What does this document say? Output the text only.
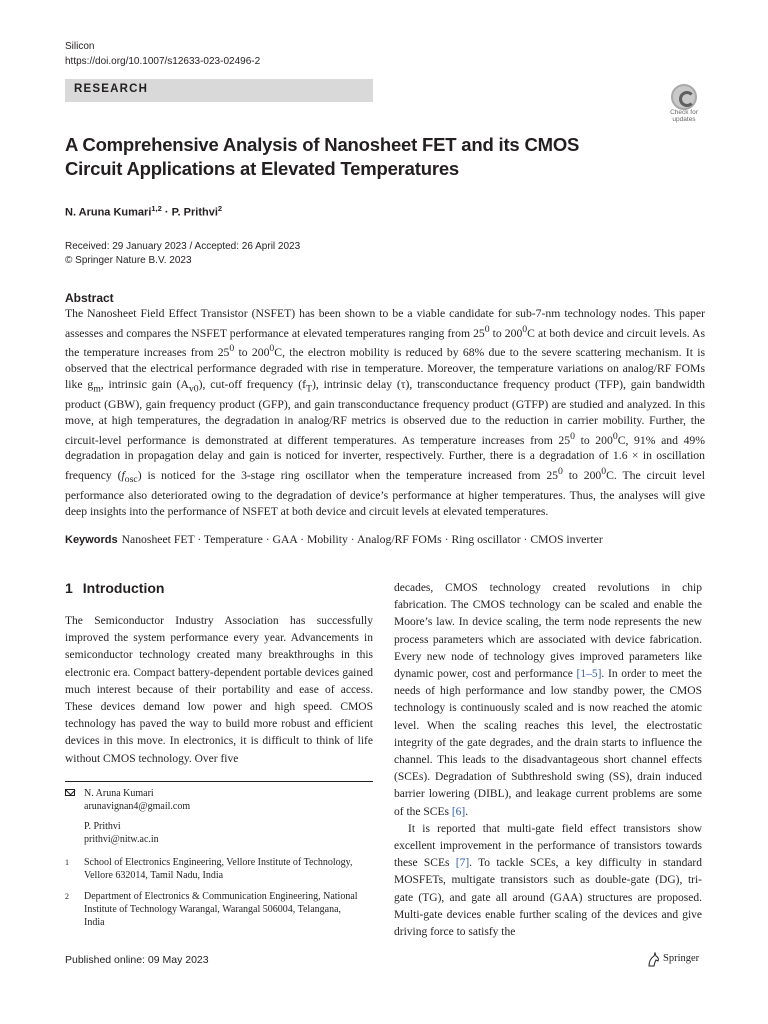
Silicon
https://doi.org/10.1007/s12633-023-02496-2
RESEARCH
Check for updates
A Comprehensive Analysis of Nanosheet FET and its CMOS Circuit Applications at Elevated Temperatures
N. Aruna Kumari$^{1,2}$ · P. Prithvi$^2$
Received: 29 January 2023 / Accepted: 26 April 2023
© Springer Nature B.V. 2023
Abstract

The Nanosheet Field Effect Transistor (NSFET) has been shown to be a viable candidate for sub-7-nm technology nodes. This paper assesses and compares the NSFET performance at elevated temperatures ranging from $25^0$ to $200^0C$ at both device and circuit levels. As the temperature increases from $25^0$ to $200^0C$, the electron mobility is reduced by 68% due to the severe scattering mechanism. It is observed that the electrical performance degraded with rise in temperature. Moreover, the temperature variations on analog/RF FOMs like $g_m$, intrinsic gain $(A_{v0})$, cut-off frequency $(f_T)$, intrinsic delay (τ), transconductance frequency product (TFP), gain bandwidth product (GBW), gain frequency product (GFP), and gain transconductance frequency product (GTFP) are studied and analyzed. In this move, at high temperatures, the degradation in analog/RF metrics is observed due to the reduction in carrier mobility. Further, the circuit-level performance is demonstrated at different temperatures. As temperature increases from $25^0$ to $200^0C$, 91% and 49% degradation in propagation delay and gain is noticed for inverter, respectively. Further, there is a degradation of 1.6 × in oscillation frequency $(f_{osc})$ is noticed for the 3-stage ring oscillator when the temperature increased from $25^0$ to $200^0C$. The circuit level performance also deteriorated owing to the degradation of device’s performance at higher temperatures. Thus, the analyses will give deep insights into the performance of NSFET at both device and circuit levels at elevated temperatures.

Keywords Nanosheet FET · Temperature · GAA · Mobility · Analog/RF FOMs · Ring oscillator · CMOS inverter
1 Introduction

The Semiconductor Industry Association has successfully improved the system performance every year. Advancements in semiconductor technology created many breakthroughs in this electronic era. Compact battery-dependent portable devices gained much interest because of their portability and ease of access. These devices demand low power and high speed. CMOS technology has paved the way to build more robust and efficient devices in this move. In electronics, it is difficult to think of life without CMOS technology. Over five

N. Aruna Kumari
arunavignan4@gmail.com
P. Prithvi
prithvi@nitw.ac.in
1 School of Electronics Engineering, Vellore Institute of Technology, Vellore 632014, Tamil Nadu, India
2 Department of Electronics & Communication Engineering, National Institute of Technology Warangal, Warangal 506004, Telangana, India

decades, CMOS technology created revolutions in chip fabrication. The CMOS technology can be scaled and enable the Moore’s law. In device scaling, the term node represents the new process parameters which are associated with device fabrication. Every new node of technology gives improved parameters like dynamic power, cost and performance [1–5]. In order to meet the needs of high performance and low standby power, the CMOS technology is continuously scaled and is now reached the atomic level. When the scaling reaches this level, the electrostatic integrity of the gate degrades, and the drain starts to influence the channel. This leads to the disadvantageous short channel effects (SCEs). Degradation of Subthreshold swing (SS), drain induced barrier lowering (DIBL), and leakage current problems are some of the SCEs [6].

It is reported that multi-gate field effect transistors show excellent improvement in the performance of transistors towards these SCEs [7]. To tackle SCEs, a key difficulty in standard MOSFETs, multigate transistors such as double-gate (DG), tri-gate (TG), and gate all around (GAA) structures are proposed. Multi-gate devices enable further scaling of the devices and give driving force to satisfy the

Published online: 09 May 2023	Springer
